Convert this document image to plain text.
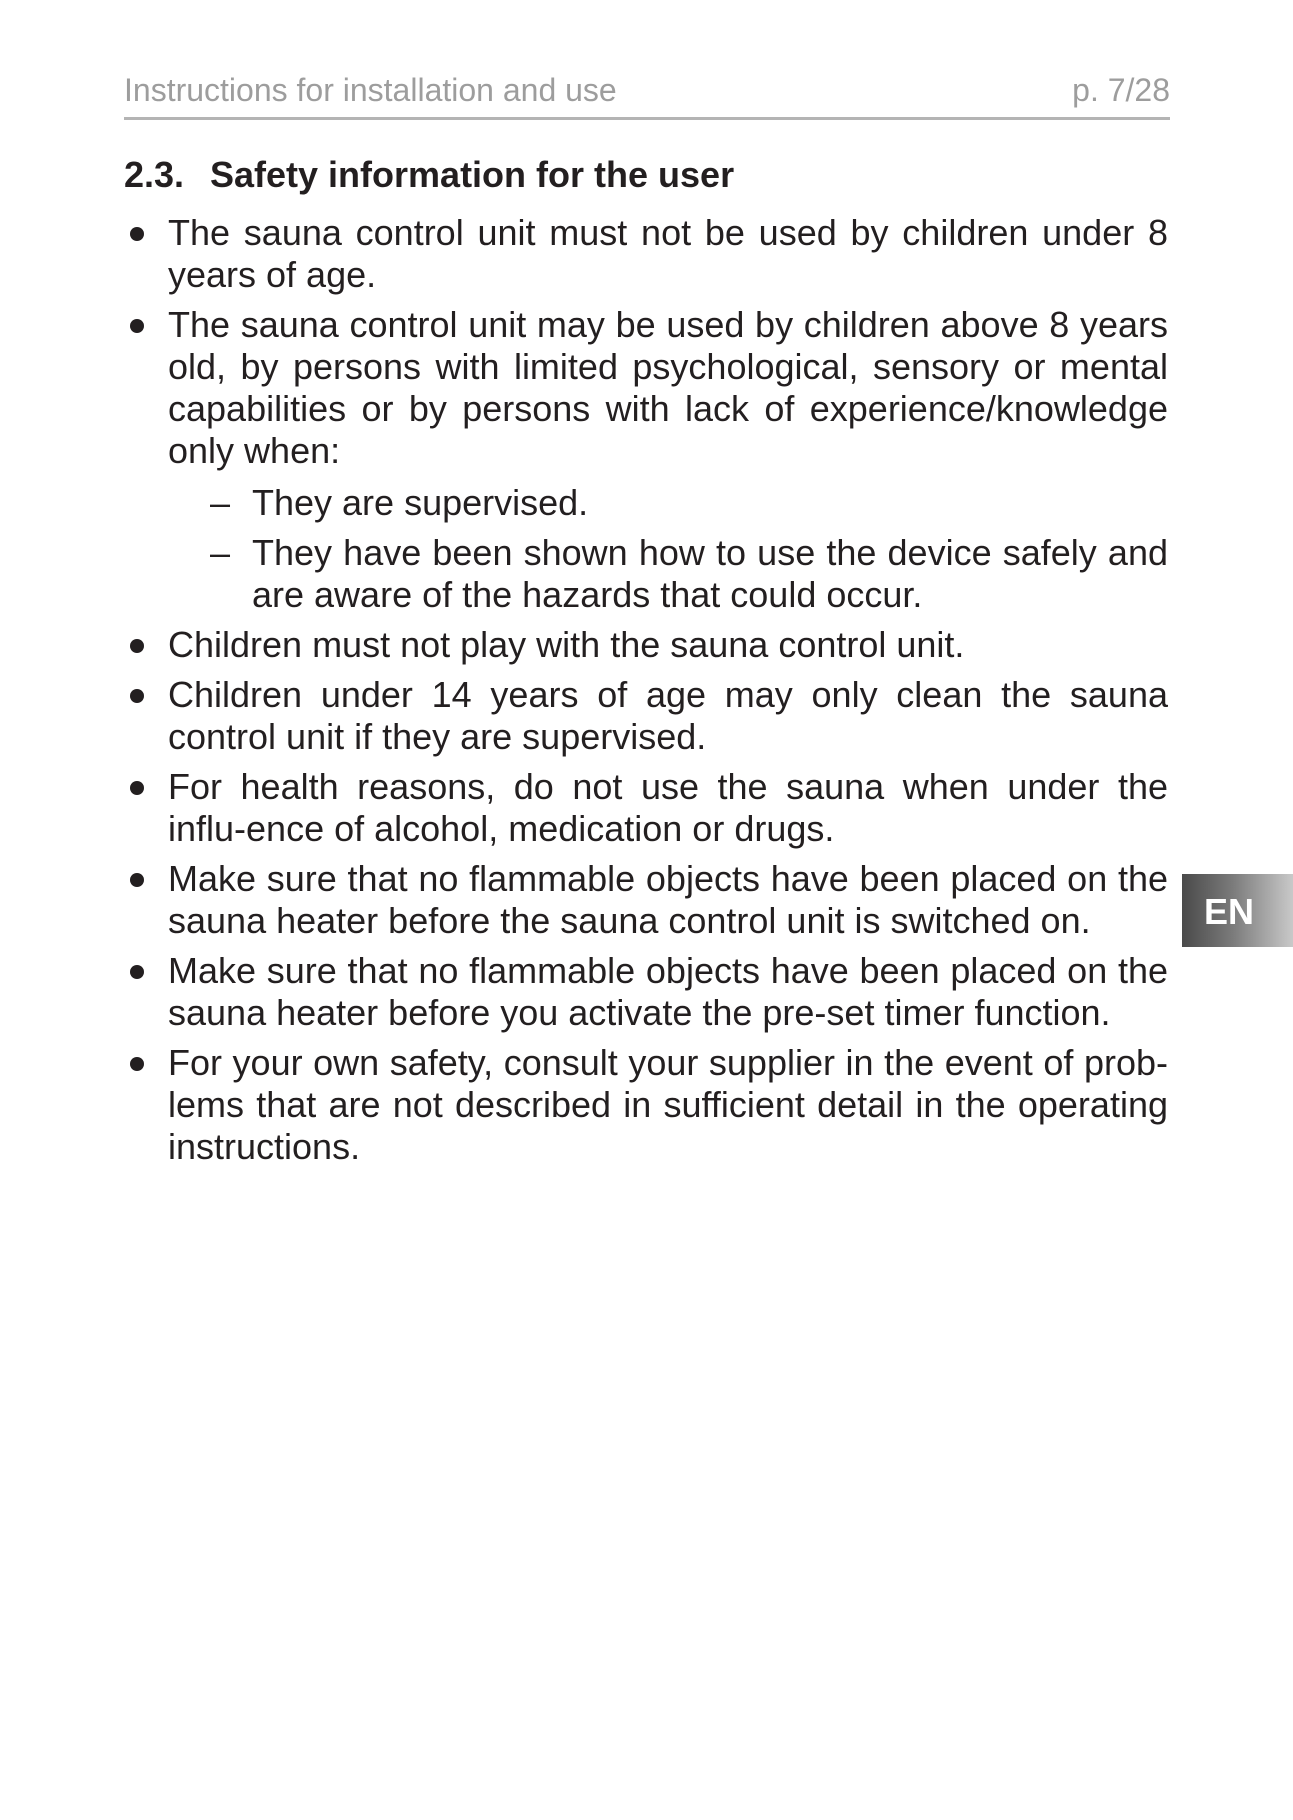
Instructions for installation and use	p. 7/28
2.3. Safety information for the user
The sauna control unit must not be used by children under 8 years of age.
The sauna control unit may be used by children above 8 years old, by persons with limited psychological, sensory or mental capabilities or by persons with lack of experience/knowledge only when:
– They are supervised.
– They have been shown how to use the device safely and are aware of the hazards that could occur.
Children must not play with the sauna control unit.
Children under 14 years of age may only clean the sauna control unit if they are supervised.
For health reasons, do not use the sauna when under the influ-ence of alcohol, medication or drugs.
Make sure that no flammable objects have been placed on the sauna heater before the sauna control unit is switched on.
Make sure that no flammable objects have been placed on the sauna heater before you activate the pre-set timer function.
For your own safety, consult your supplier in the event of prob-lems that are not described in sufficient detail in the operating instructions.
EN
